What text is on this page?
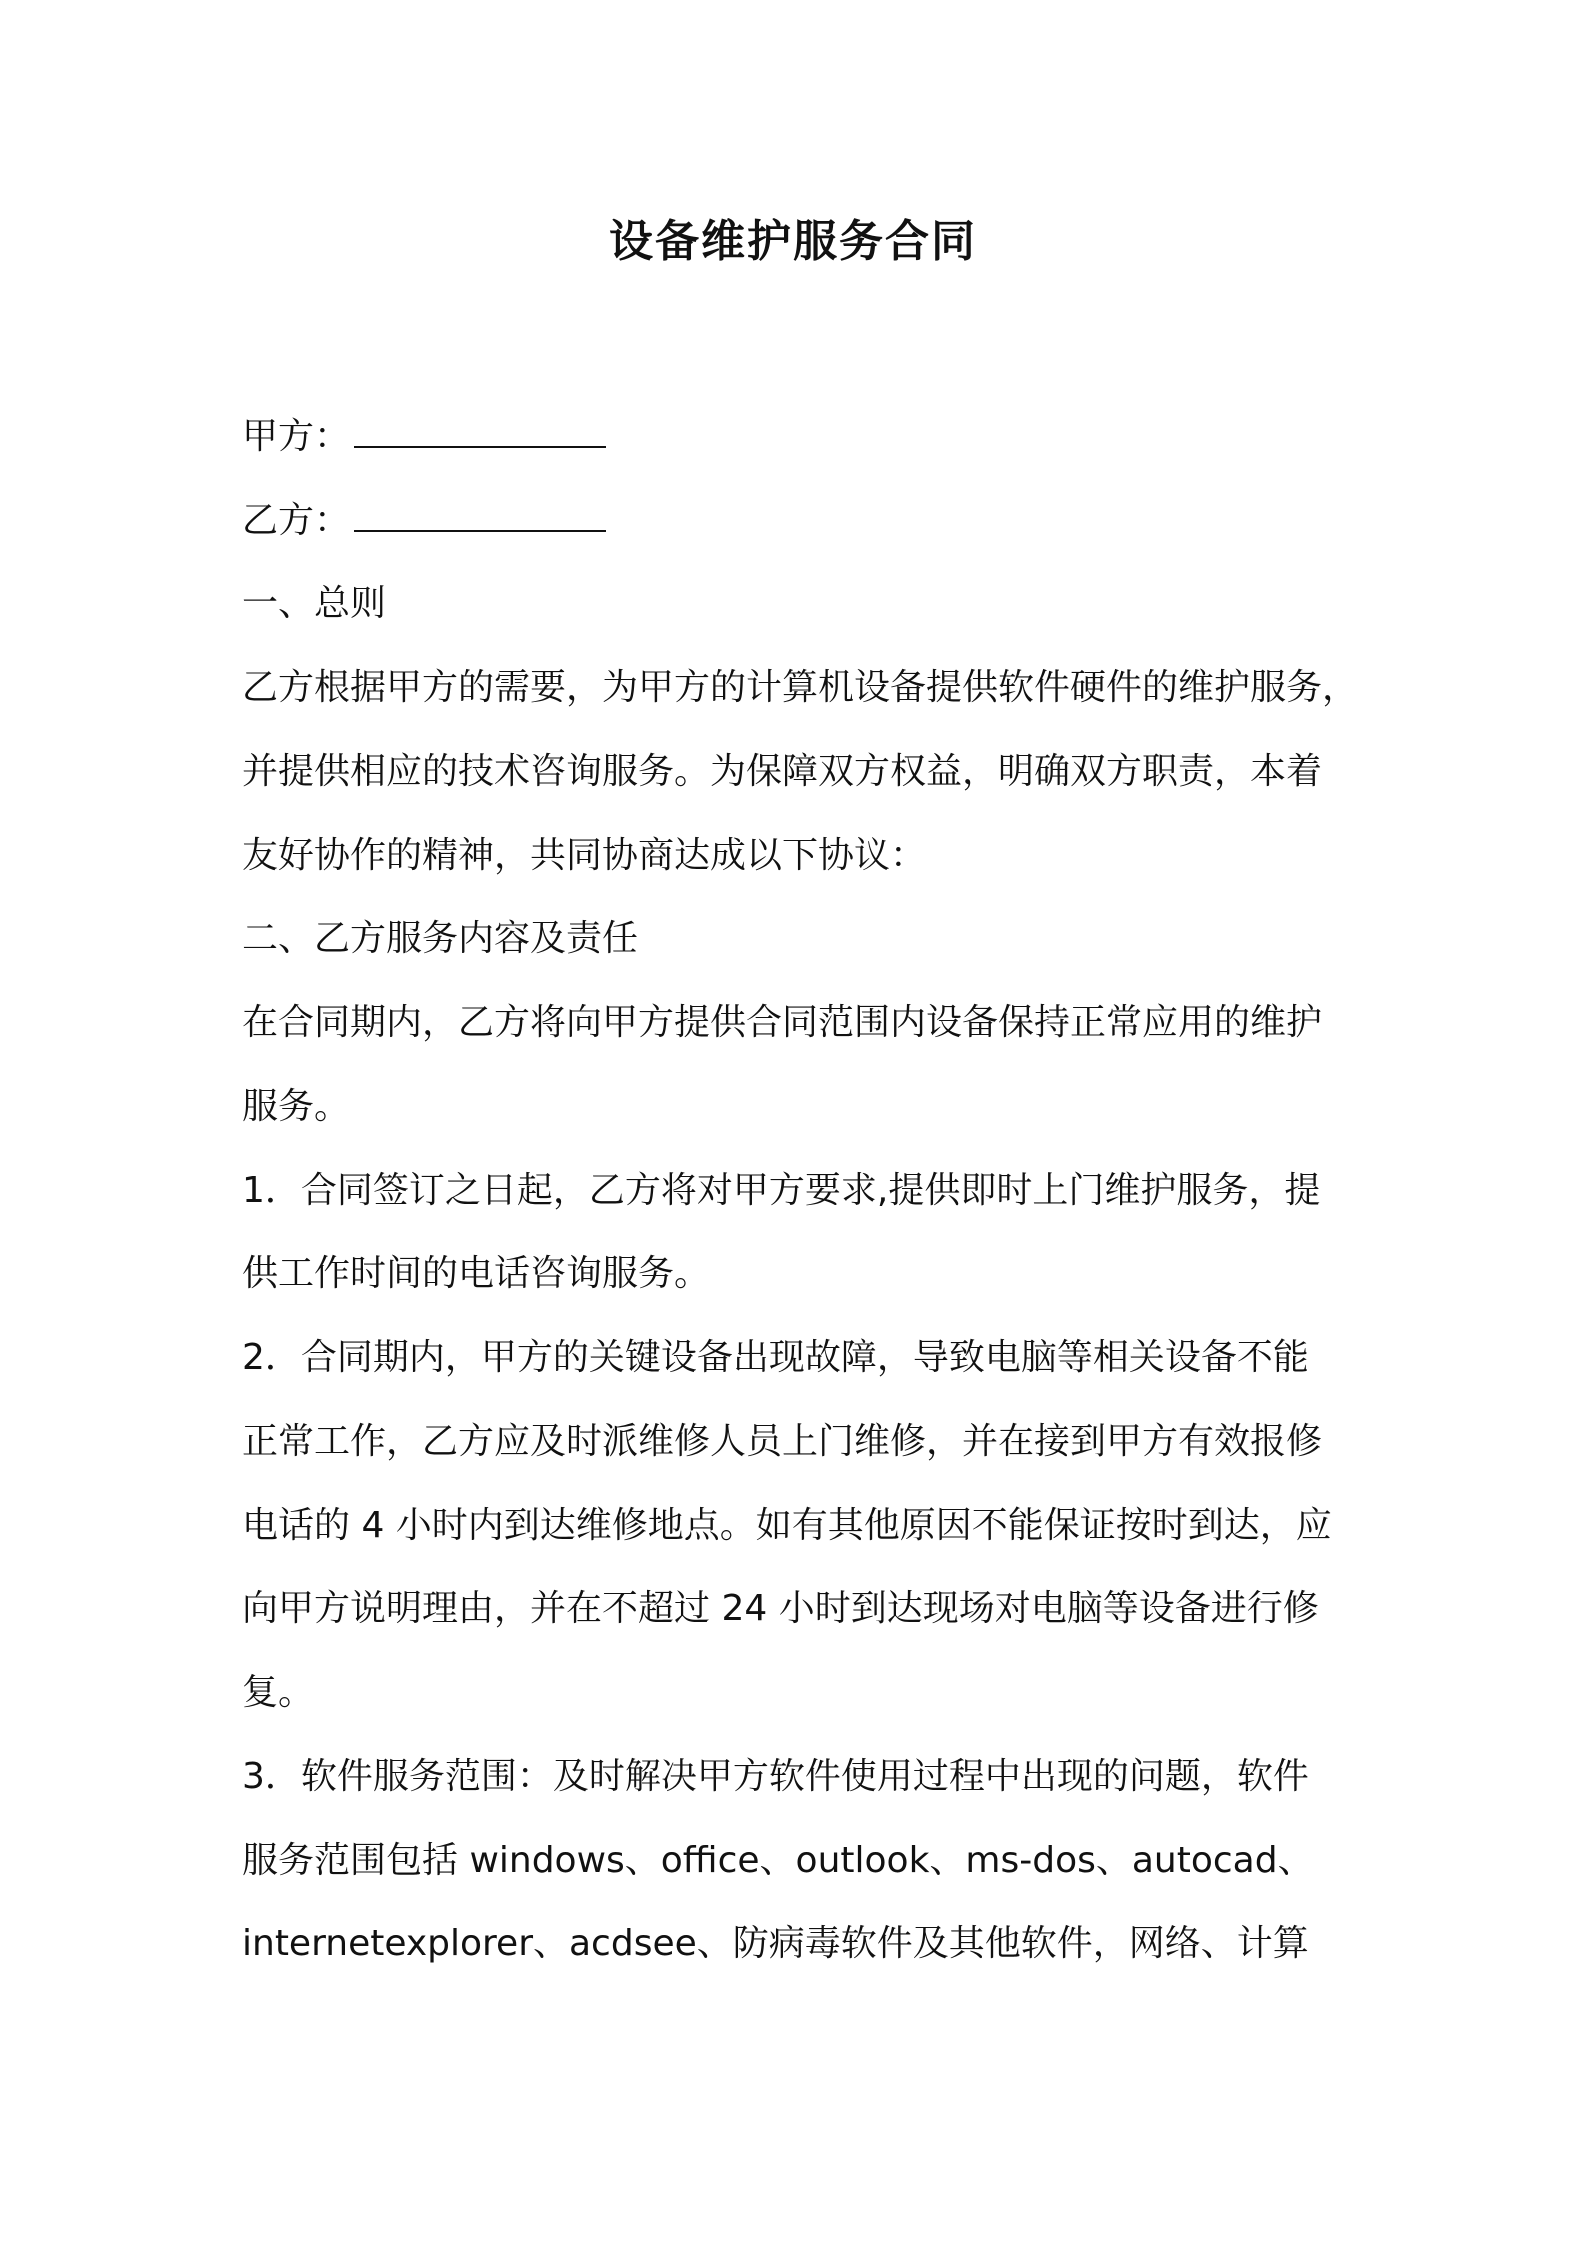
设备维护服务合同
甲方：
乙方：
一、总则
乙方根据甲方的需要，为甲方的计算机设备提供软件硬件的维护服务，
并提供相应的技术咨询服务。为保障双方权益，明确双方职责，本着
友好协作的精神，共同协商达成以下协议：
二、乙方服务内容及责任
在合同期内，乙方将向甲方提供合同范围内设备保持正常应用的维护
服务。
1．合同签订之日起，乙方将对甲方要求,提供即时上门维护服务，提
供工作时间的电话咨询服务。
2．合同期内，甲方的关键设备出现故障，导致电脑等相关设备不能
正常工作，乙方应及时派维修人员上门维修，并在接到甲方有效报修
电话的 4 小时内到达维修地点。如有其他原因不能保证按时到达，应
向甲方说明理由，并在不超过 24 小时到达现场对电脑等设备进行修
复。
3．软件服务范围：及时解决甲方软件使用过程中出现的问题，软件
服务范围包括 windows、office、outlook、ms-dos、autocad、
internetexplorer、acdsee、防病毒软件及其他软件，网络、计算
